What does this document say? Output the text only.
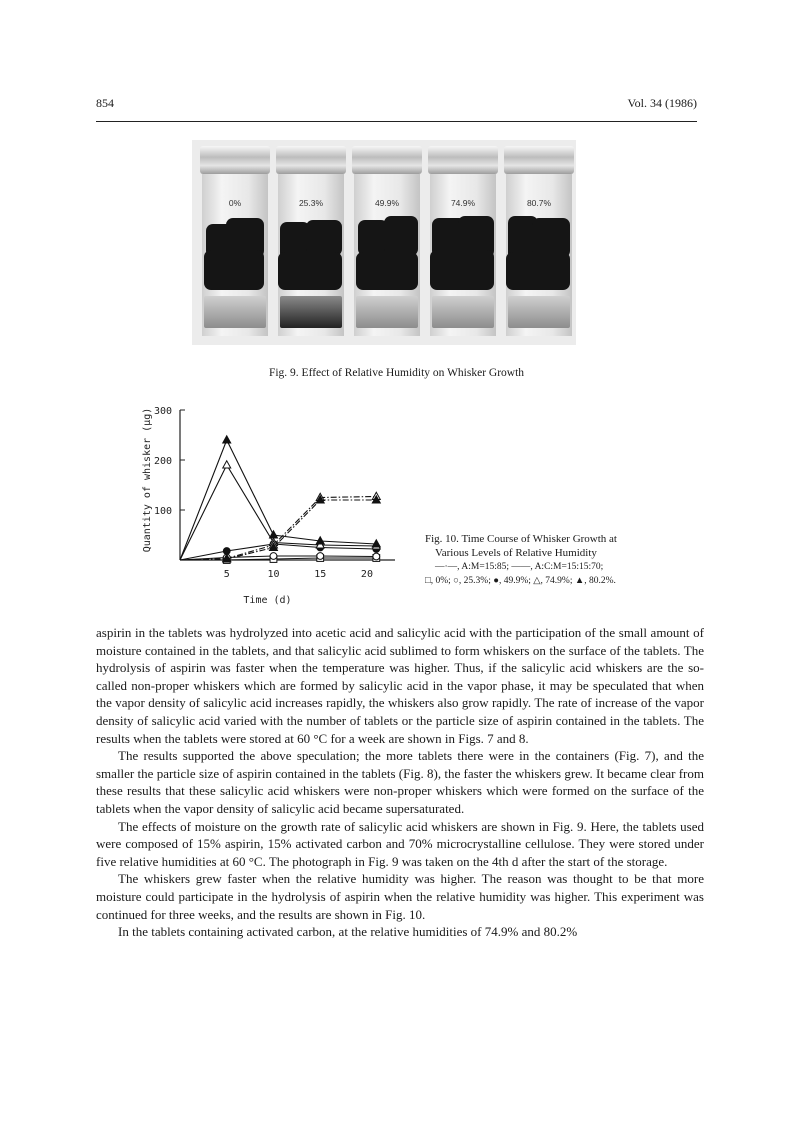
854	Vol. 34 (1986)
0%	25.3%	49.9%	74.9%	80.7%
Fig. 9. Effect of Relative Humidity on Whisker Growth
100
200
300
5	10	15	20
Time (d)
Quantity of whisker (μg)	Fig. 10. Time Course of Whisker Growth at
Various Levels of Relative Humidity
—·—, A:M=15:85; ——, A:C:M=15:15:70;
□, 0%; ○, 25.3%; ●, 49.9%; △, 74.9%; ▲, 80.2%.

aspirin in the tablets was hydrolyzed into acetic acid and salicylic acid with the participation of the small amount of moisture contained in the tablets, and that salicylic acid sublimed to form whiskers on the surface of the tablets. The hydrolysis of aspirin was faster when the temperature was higher. Thus, if the salicylic acid whiskers are the so-called non-proper whiskers which are formed by salicylic acid in the vapor phase, it may be speculated that when the vapor density of salicylic acid increases rapidly, the whiskers also grow rapidly. The rate of increase of the vapor density of salicylic acid varied with the number of tablets or the particle size of aspirin contained in the tablets. The results when the tablets were stored at 60 °C for a week are shown in Figs. 7 and 8.

The results supported the above speculation; the more tablets there were in the containers (Fig. 7), and the smaller the particle size of aspirin contained in the tablets (Fig. 8), the faster the whiskers grew. It became clear from these results that these salicylic acid whiskers were non-proper whiskers which were formed on the surface of the tablets when the vapor density of salicylic acid became supersaturated.

The effects of moisture on the growth rate of salicylic acid whiskers are shown in Fig. 9. Here, the tablets used were composed of 15% aspirin, 15% activated carbon and 70% microcrystalline cellulose. They were stored under five relative humidities at 60 °C. The photograph in Fig. 9 was taken on the 4th d after the start of the storage.

The whiskers grew faster when the relative humidity was higher. The reason was thought to be that more moisture could participate in the hydrolysis of aspirin when the relative humidity was higher. This experiment was continued for three weeks, and the results are shown in Fig. 10.

In the tablets containing activated carbon, at the relative humidities of 74.9% and 80.2%
